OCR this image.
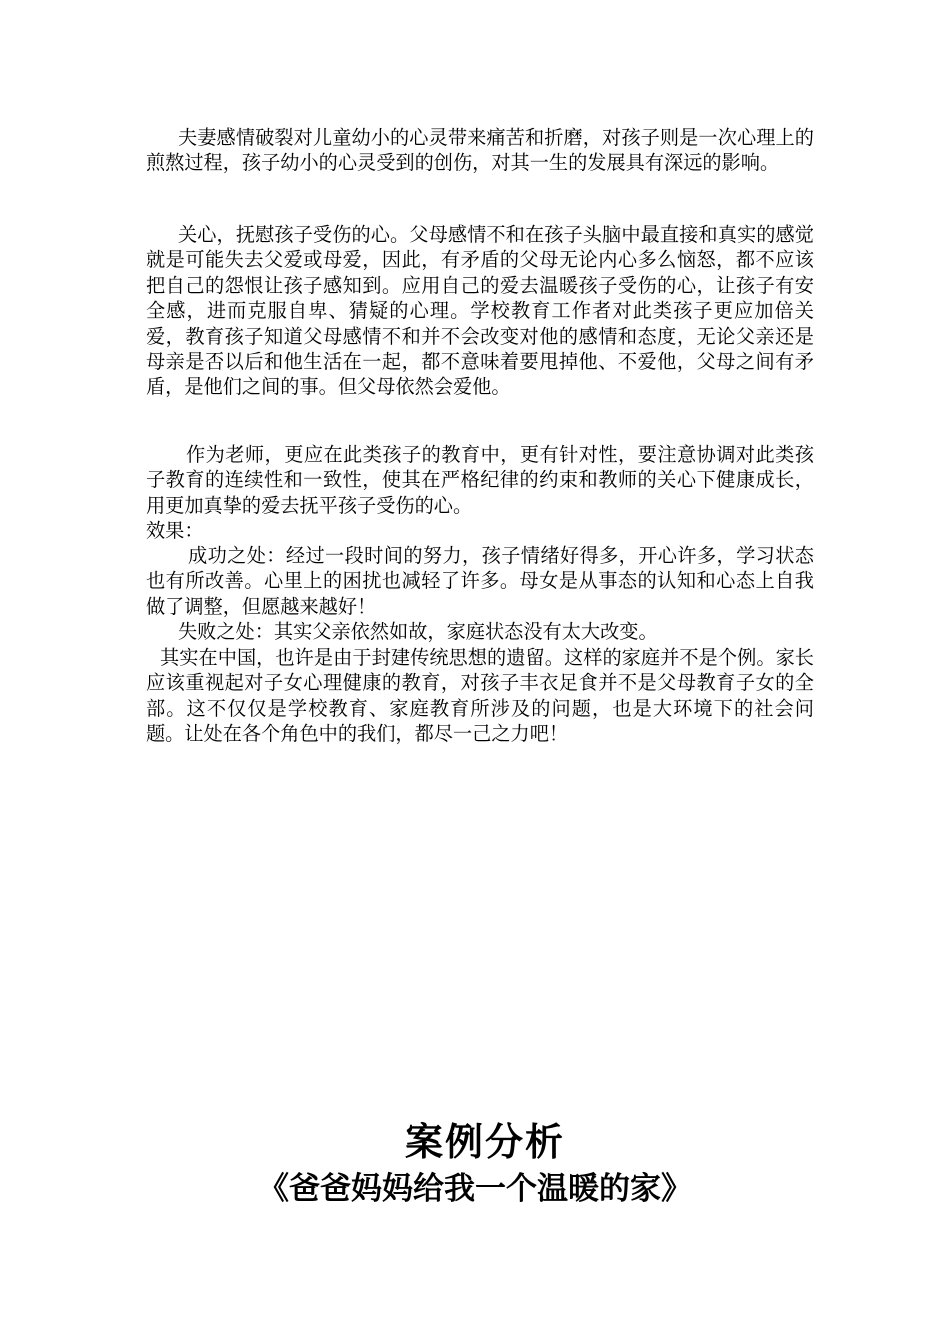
夫妻感情破裂对儿童幼小的心灵带来痛苦和折磨，对孩子则是一次心理上的煎熬过程，孩子幼小的心灵受到的创伤，对其一生的发展具有深远的影响。

关心，抚慰孩子受伤的心。父母感情不和在孩子头脑中最直接和真实的感觉就是可能失去父爱或母爱，因此，有矛盾的父母无论内心多么恼怒，都不应该把自己的怨恨让孩子感知到。应用自己的爱去温暖孩子受伤的心，让孩子有安全感，进而克服自卑、猜疑的心理。学校教育工作者对此类孩子更应加倍关爱，教育孩子知道父母感情不和并不会改变对他的感情和态度，无论父亲还是母亲是否以后和他生活在一起，都不意味着要甩掉他、不爱他，父母之间有矛盾，是他们之间的事。但父母依然会爱他。

作为老师，更应在此类孩子的教育中，更有针对性，要注意协调对此类孩子教育的连续性和一致性，使其在严格纪律的约束和教师的关心下健康成长，用更加真挚的爱去抚平孩子受伤的心。

效果：

成功之处：经过一段时间的努力，孩子情绪好得多，开心许多，学习状态也有所改善。心里上的困扰也减轻了许多。母女是从事态的认知和心态上自我做了调整，但愿越来越好！

失败之处：其实父亲依然如故，家庭状态没有太大改变。

其实在中国，也许是由于封建传统思想的遗留。这样的家庭并不是个例。家长应该重视起对子女心理健康的教育，对孩子丰衣足食并不是父母教育子女的全部。这不仅仅是学校教育、家庭教育所涉及的问题，也是大环境下的社会问题。让处在各个角色中的我们，都尽一己之力吧！

案例分析
《爸爸妈妈给我一个温暖的家》
